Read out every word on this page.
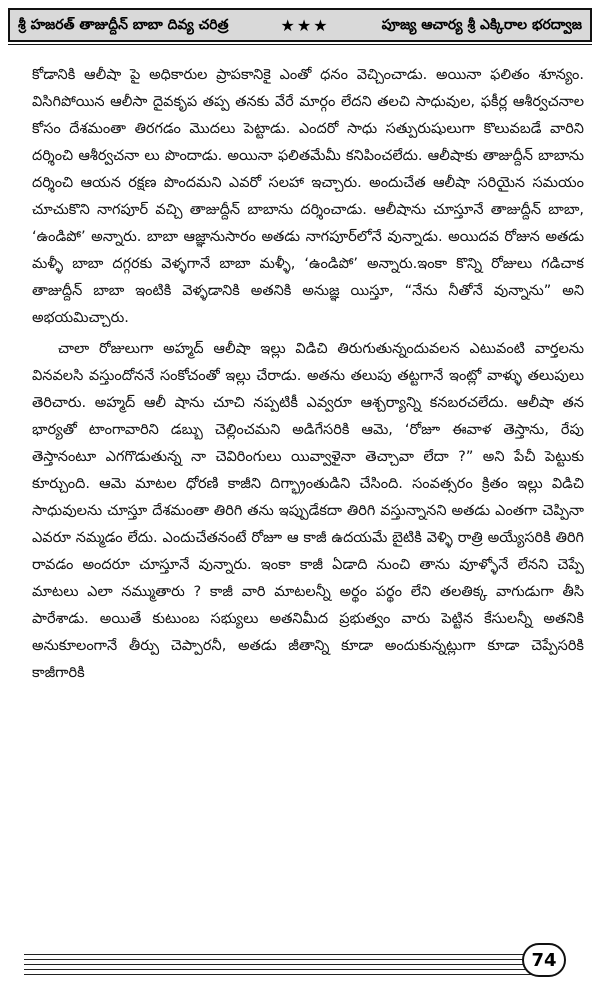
శ్రీ హజరత్ తాజుద్దీన్ బాబా దివ్య చరిత్ర	★★★	పూజ్య ఆచార్య శ్రీ ఎక్కిరాల భరద్వాజ

కోడానికి ఆలీషా పై అధికారుల ప్రాపకానికై ఎంతో ధనం వెచ్చించాడు. అయినా ఫలితం శూన్యం. విసిగిపోయిన ఆలీసా దైవకృప తప్ప తనకు వేరే మార్గం లేదని తలచి సాధువుల, ఫకీర్ల ఆశీర్వచనాల కోసం దేశమంతా తిరగడం మొదలు పెట్టాడు. ఎందరో సాధు సత్పురుషులుగా కొలువబడే వారిని దర్శించి ఆశీర్వచనా లు పొందాడు. అయినా ఫలితమేమీ కనిపించలేదు. ఆలీషాకు తాజుద్దీన్ బాబాను దర్శించి ఆయన రక్షణ పొందమని ఎవరో సలహా ఇచ్చారు. అందుచేత ఆలీషా సరియైన సమయం చూచుకొని నాగపూర్ వచ్చి తాజుద్దీన్ బాబాను దర్శించాడు. ఆలీషాను చూస్తూనే తాజుద్దీన్ బాబా, ‘ఉండిపో’ అన్నారు. బాబా ఆజ్ఞానుసారం అతడు నాగపూర్‌లోనే వున్నాడు. అయిదవ రోజున అతడు మళ్ళీ బాబా దగ్గరకు వెళ్ళగానే బాబా మళ్ళీ, ‘ఉండిపో’ అన్నారు.ఇంకా కొన్ని రోజులు గడిచాక తాజుద్దీన్ బాబా ఇంటికి వెళ్ళడానికి అతనికి అనుజ్ఞ యిస్తూ, “నేను నీతోనే వున్నాను” అని అభయమిచ్చారు.

చాలా రోజులుగా అహ్మద్ ఆలీషా ఇల్లు విడిచి తిరుగుతున్నందువలన ఎటువంటి వార్తలను వినవలసి వస్తుందోననే సంకోచంతో ఇల్లు చేరాడు. అతను తలుపు తట్టగానే ఇంట్లో వాళ్ళు తలుపులు తెరిచారు. అహ్మద్ ఆలీ షాను చూచి నప్పటికీ ఎవ్వరూ ఆశ్చర్యాన్ని కనబరచలేదు. ఆలీషా తన భార్యతో టాంగావారిని డబ్బు చెల్లించమని అడిగేసరికి ఆమె, ‘రోజూ ఈవాళ తెస్తాను, రేపు తెస్తానంటూ ఎగగొడుతున్న నా చెవిరింగులు యివ్వాళైనా తెచ్చావా లేదా ?” అని పేచీ పెట్టుకు కూర్చుంది. ఆమె మాటల ధోరణి కాజీని దిగ్భ్రాంతుడిని చేసింది. సంవత్సరం క్రితం ఇల్లు విడిచి సాధువులను చూస్తూ దేశమంతా తిరిగి తను ఇప్పుడేకదా తిరిగి వస్తున్నానని అతడు ఎంతగా చెప్పినా ఎవరూ నమ్మడం లేదు. ఎందుచేతనంటే రోజూ ఆ కాజీ ఉదయమే బైటికి వెళ్ళి రాత్రి అయ్యేసరికి తిరిగి రావడం అందరూ చూస్తూనే వున్నారు. ఇంకా కాజీ ఏడాది నుంచి తాను వూళ్ళోనే లేనని చెప్పే మాటలు ఎలా నమ్ముతారు ? కాజీ వారి మాటలన్నీ అర్థం పర్థం లేని తలతిక్క వాగుడుగా తీసి పారేశాడు. అయితే కుటుంబ సభ్యులు అతనిమీద ప్రభుత్వం వారు పెట్టిన కేసులన్నీ అతనికి అనుకూలంగానే తీర్పు చెప్పారనీ, అతడు జీతాన్ని కూడా అందుకున్నట్లుగా కూడా చెప్పేసరికి కాజీగారికి

74
